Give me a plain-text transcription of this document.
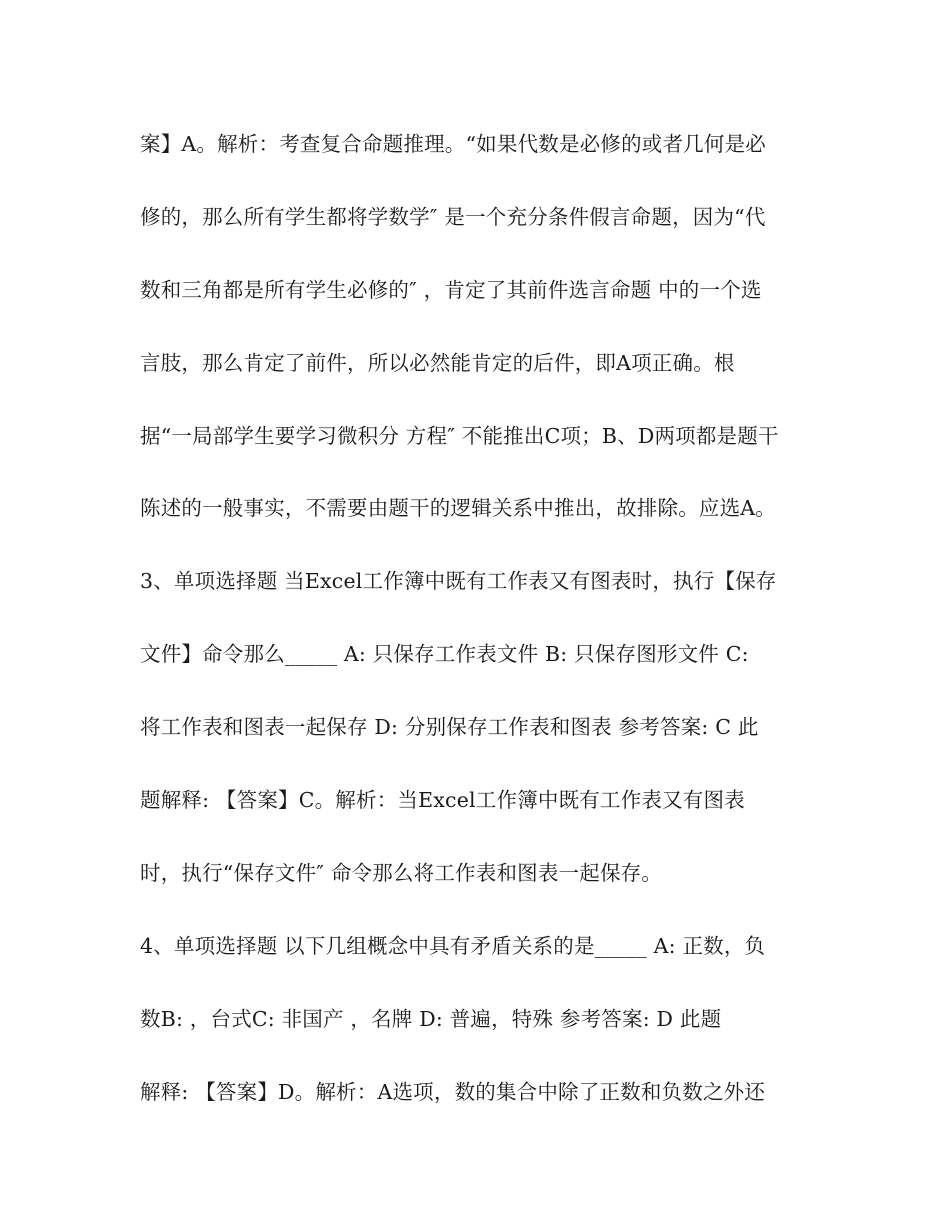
案】A。解析：考查复合命题推理。“如果代数是必修的或者几何是必
修的，那么所有学生都将学数学″ 是一个充分条件假言命题，因为“代
数和三角都是所有学生必修的″ ，肯定了其前件选言命题 中的一个选
言肢，那么肯定了前件，所以必然能肯定的后件，即A项正确。根
据“一局部学生要学习微积分 方程″ 不能推出C项；B、D两项都是题干
陈述的一般事实，不需要由题干的逻辑关系中推出，故排除。应选A。
3、单项选择题 当Excel工作簿中既有工作表又有图表时，执行【保存
文件】命令那么_____ A: 只保存工作表文件 B: 只保存图形文件 C:
将工作表和图表一起保存 D: 分别保存工作表和图表 参考答案: C 此
题解释: 【答案】C。解析：当Excel工作簿中既有工作表又有图表
时，执行“保存文件″ 命令那么将工作表和图表一起保存。
4、单项选择题 以下几组概念中具有矛盾关系的是_____ A: 正数，负
数B: ，台式C: 非国产 ，名牌 D: 普遍，特殊 参考答案: D 此题
解释: 【答案】D。解析：A选项，数的集合中除了正数和负数之外还
